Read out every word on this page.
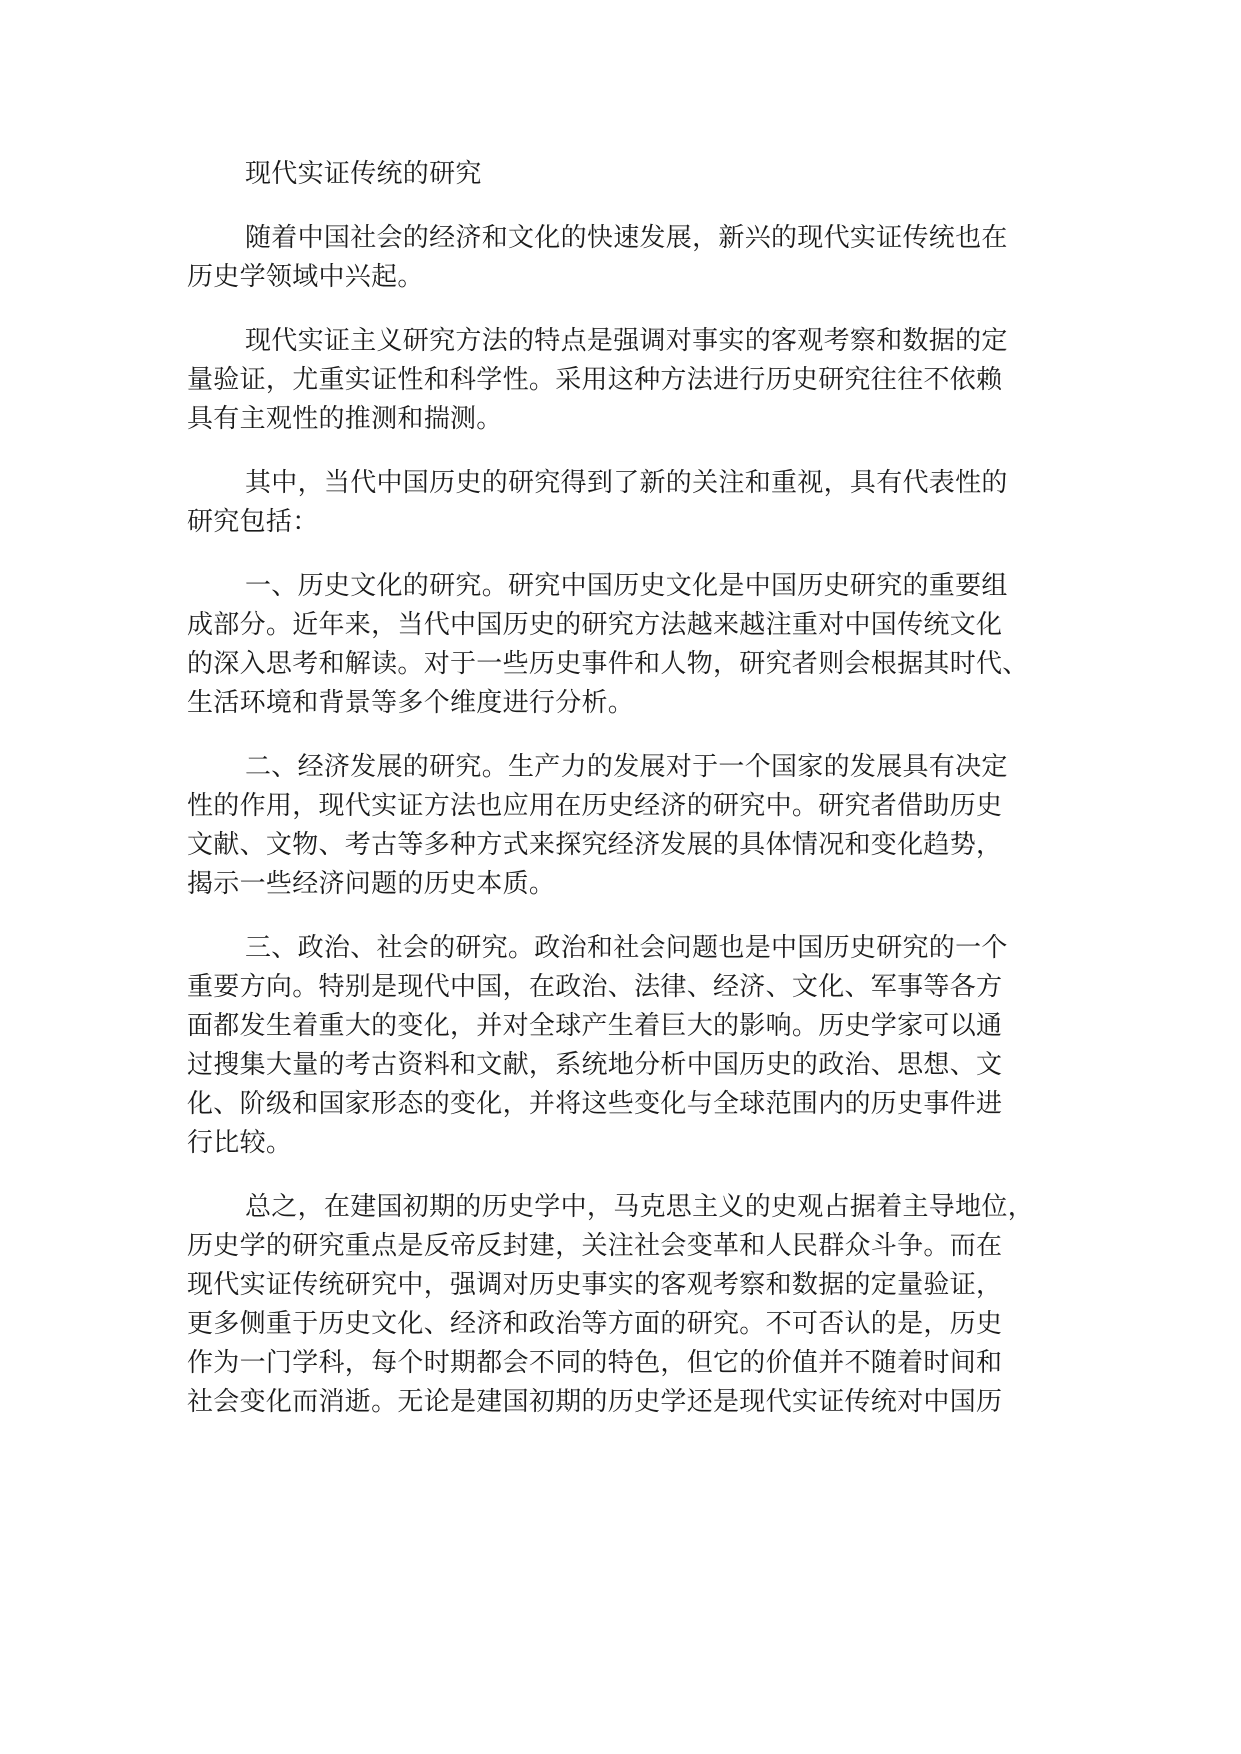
现代实证传统的研究

随着中国社会的经济和文化的快速发展，新兴的现代实证传统也在
历史学领域中兴起。

现代实证主义研究方法的特点是强调对事实的客观考察和数据的定
量验证，尤重实证性和科学性。采用这种方法进行历史研究往往不依赖
具有主观性的推测和揣测。

其中，当代中国历史的研究得到了新的关注和重视，具有代表性的
研究包括：

一、历史文化的研究。研究中国历史文化是中国历史研究的重要组
成部分。近年来，当代中国历史的研究方法越来越注重对中国传统文化
的深入思考和解读。对于一些历史事件和人物，研究者则会根据其时代、
生活环境和背景等多个维度进行分析。

二、经济发展的研究。生产力的发展对于一个国家的发展具有决定
性的作用，现代实证方法也应用在历史经济的研究中。研究者借助历史
文献、文物、考古等多种方式来探究经济发展的具体情况和变化趋势，
揭示一些经济问题的历史本质。

三、政治、社会的研究。政治和社会问题也是中国历史研究的一个
重要方向。特别是现代中国，在政治、法律、经济、文化、军事等各方
面都发生着重大的变化，并对全球产生着巨大的影响。历史学家可以通
过搜集大量的考古资料和文献，系统地分析中国历史的政治、思想、文
化、阶级和国家形态的变化，并将这些变化与全球范围内的历史事件进
行比较。

总之，在建国初期的历史学中，马克思主义的史观占据着主导地位，
历史学的研究重点是反帝反封建，关注社会变革和人民群众斗争。而在
现代实证传统研究中，强调对历史事实的客观考察和数据的定量验证，
更多侧重于历史文化、经济和政治等方面的研究。不可否认的是，历史
作为一门学科，每个时期都会不同的特色，但它的价值并不随着时间和
社会变化而消逝。无论是建国初期的历史学还是现代实证传统对中国历
